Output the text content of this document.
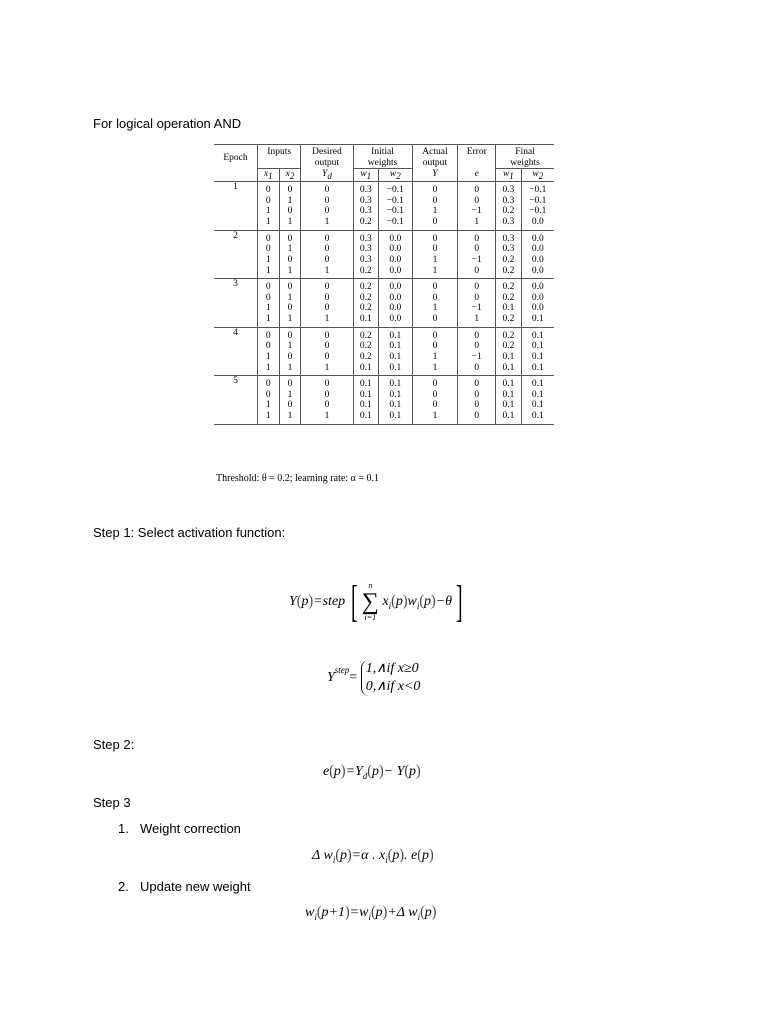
For logical operation AND
Epoch	Inputs		Desired	Initial		Actual	Error	Final	
			output	weights		output		weights	
	$x_1$	$x_2$	$Y_d$	$w_1$	$w_2$	Y	e	$w_1$	$w_2$
1	0	0	0	0.3	−0.1	0	0	0.3	−0.1
	0	1	0	0.3	−0.1	0	0	0.3	−0.1
	1	0	0	0.3	−0.1	1	−1	0.2	−0.1
	1	1	1	0.2	−0.1	0	1	0.3	0.0
2	0	0	0	0.3	0.0	0	0	0.3	0.0
	0	1	0	0.3	0.0	0	0	0.3	0.0
	1	0	0	0.3	0.0	1	−1	0.2	0.0
	1	1	1	0.2	0.0	1	0	0.2	0.0
3	0	0	0	0.2	0.0	0	0	0.2	0.0
	0	1	0	0.2	0.0	0	0	0.2	0.0
	1	0	0	0.2	0.0	1	−1	0.1	0.0
	1	1	1	0.1	0.0	0	1	0.2	0.1
4	0	0	0	0.2	0.1	0	0	0.2	0.1
	0	1	0	0.2	0.1	0	0	0.2	0.1
	1	0	0	0.2	0.1	1	−1	0.1	0.1
	1	1	1	0.1	0.1	1	0	0.1	0.1
5	0	0	0	0.1	0.1	0	0	0.1	0.1
	0	1	0	0.1	0.1	0	0	0.1	0.1
	1	0	0	0.1	0.1	0	0	0.1	0.1
	1	1	1	0.1	0.1	1	0	0.1	0.1
Threshold: θ = 0.2; learning rate: α = 0.1
Step 1: Select activation function:
Y(p)=step [	n
∑
i=1
$x_i(p)w_i(p)-\theta$]
$Y^{step}=$
1,∧if x≥0
0,∧if x<0
Step 2:
$e(p)=Y_d(p)- Y(p)$
Step 3
1. Weight correction
Δ $w_i(p)=\alpha$ . $x_i(p)$. e(p)
2. Update new weight
$w_i(p+1)=w_i(p)+\Delta$ $w_i(p)$
